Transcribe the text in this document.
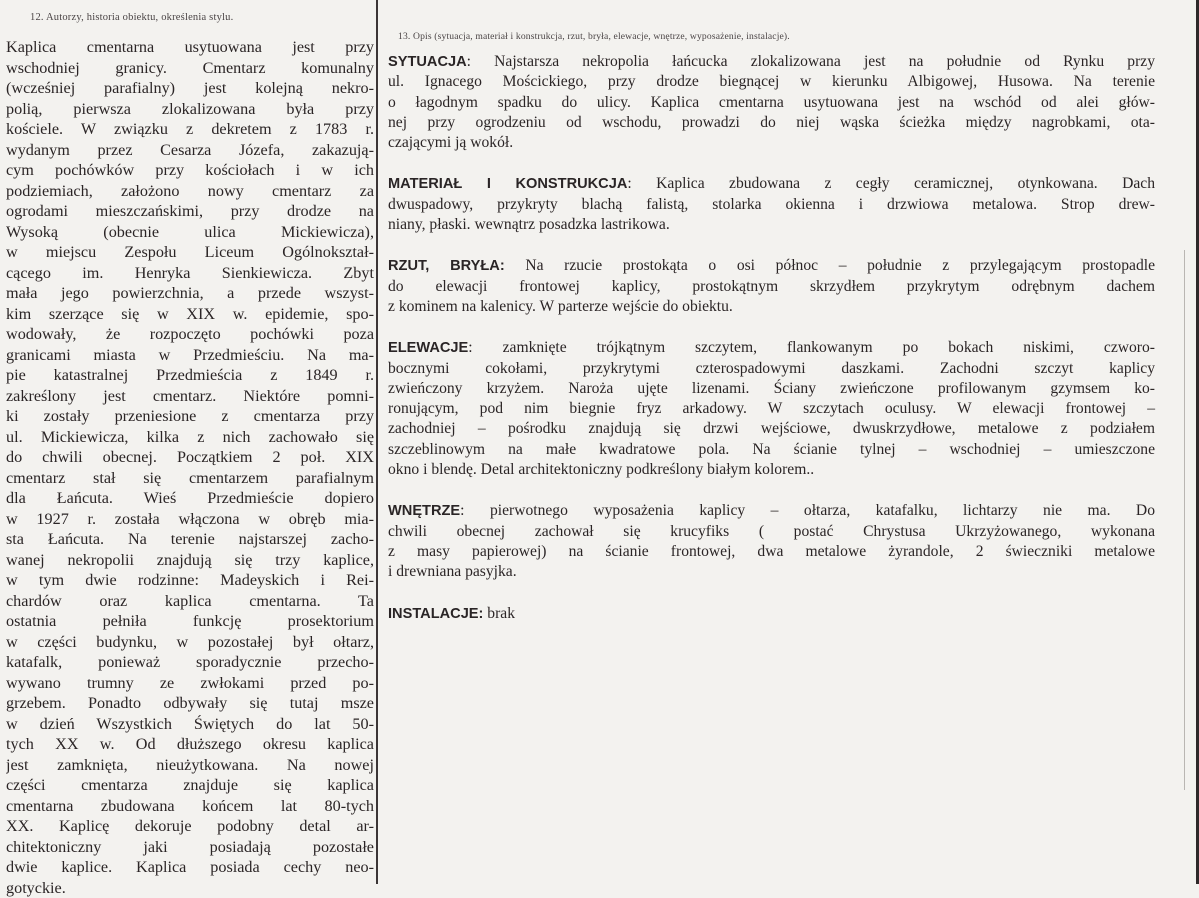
12. Autorzy, historia obiektu, określenia stylu.
Kaplica cmentarna usytuowana jest przy
wschodniej granicy. Cmentarz komunalny
(wcześniej parafialny) jest kolejną nekro-
polią, pierwsza zlokalizowana była przy
kościele. W związku z dekretem z 1783 r.
wydanym przez Cesarza Józefa, zakazują-
cym pochówków przy kościołach i w ich
podziemiach, założono nowy cmentarz za
ogrodami mieszczańskimi, przy drodze na
Wysoką (obecnie ulica Mickiewicza),
w miejscu Zespołu Liceum Ogólnokształ-
cącego im. Henryka Sienkiewicza. Zbyt
mała jego powierzchnia, a przede wszyst-
kim szerzące się w XIX w. epidemie, spo-
wodowały, że rozpoczęto pochówki poza
granicami miasta w Przedmieściu. Na ma-
pie katastralnej Przedmieścia z 1849 r.
zakreślony jest cmentarz. Niektóre pomni-
ki zostały przeniesione z cmentarza przy
ul. Mickiewicza, kilka z nich zachowało się
do chwili obecnej. Początkiem 2 poł. XIX
cmentarz stał się cmentarzem parafialnym
dla Łańcuta. Wieś Przedmieście dopiero
w 1927 r. została włączona w obręb mia-
sta Łańcuta. Na terenie najstarszej zacho-
wanej nekropolii znajdują się trzy kaplice,
w tym dwie rodzinne: Madeyskich i Rei-
chardów oraz kaplica cmentarna. Ta
ostatnia pełniła funkcję prosektorium
w części budynku, w pozostałej był ołtarz,
katafalk, ponieważ sporadycznie przecho-
wywano trumny ze zwłokami przed po-
grzebem. Ponadto odbywały się tutaj msze
w dzień Wszystkich Świętych do lat 50-
tych XX w. Od dłuższego okresu kaplica
jest zamknięta, nieużytkowana. Na nowej
części cmentarza znajduje się kaplica
cmentarna zbudowana końcem lat 80-tych
XX. Kaplicę dekoruje podobny detal ar-
chitektoniczny jaki posiadają pozostałe
dwie kaplice. Kaplica posiada cechy neo-
gotyckie.
13. Opis (sytuacja, materiał i konstrukcja, rzut, bryła, elewacje, wnętrze, wyposażenie, instalacje).
SYTUACJA: Najstarsza nekropolia łańcucka zlokalizowana jest na południe od Rynku przy
ul. Ignacego Mościckiego, przy drodze biegnącej w kierunku Albigowej, Husowa. Na terenie
o łagodnym spadku do ulicy. Kaplica cmentarna usytuowana jest na wschód od alei głów-
nej przy ogrodzeniu od wschodu, prowadzi do niej wąska ścieżka między nagrobkami, ota-
czającymi ją wokół.
MATERIAŁ I KONSTRUKCJA: Kaplica zbudowana z cegły ceramicznej, otynkowana. Dach
dwuspadowy, przykryty blachą falistą, stolarka okienna i drzwiowa metalowa. Strop drew-
niany, płaski. wewnątrz posadzka lastrikowa.
RZUT, BRYŁA: Na rzucie prostokąta o osi północ – południe z przylegającym prostopadle
do elewacji frontowej kaplicy, prostokątnym skrzydłem przykrytym odrębnym dachem
z kominem na kalenicy. W parterze wejście do obiektu.
ELEWACJE: zamknięte trójkątnym szczytem, flankowanym po bokach niskimi, czworo-
bocznymi cokołami, przykrytymi czterospadowymi daszkami. Zachodni szczyt kaplicy
zwieńczony krzyżem. Naroża ujęte lizenami. Ściany zwieńczone profilowanym gzymsem ko-
ronującym, pod nim biegnie fryz arkadowy. W szczytach oculusy. W elewacji frontowej –
zachodniej – pośrodku znajdują się drzwi wejściowe, dwuskrzydłowe, metalowe z podziałem
szczeblinowym na małe kwadratowe pola. Na ścianie tylnej – wschodniej – umieszczone
okno i blendę. Detal architektoniczny podkreślony białym kolorem..
WNĘTRZE: pierwotnego wyposażenia kaplicy – ołtarza, katafalku, lichtarzy nie ma. Do
chwili obecnej zachował się krucyfiks ( postać Chrystusa Ukrzyżowanego, wykonana
z masy papierowej) na ścianie frontowej, dwa metalowe żyrandole, 2 świeczniki metalowe
i drewniana pasyjka.
INSTALACJE: brak
